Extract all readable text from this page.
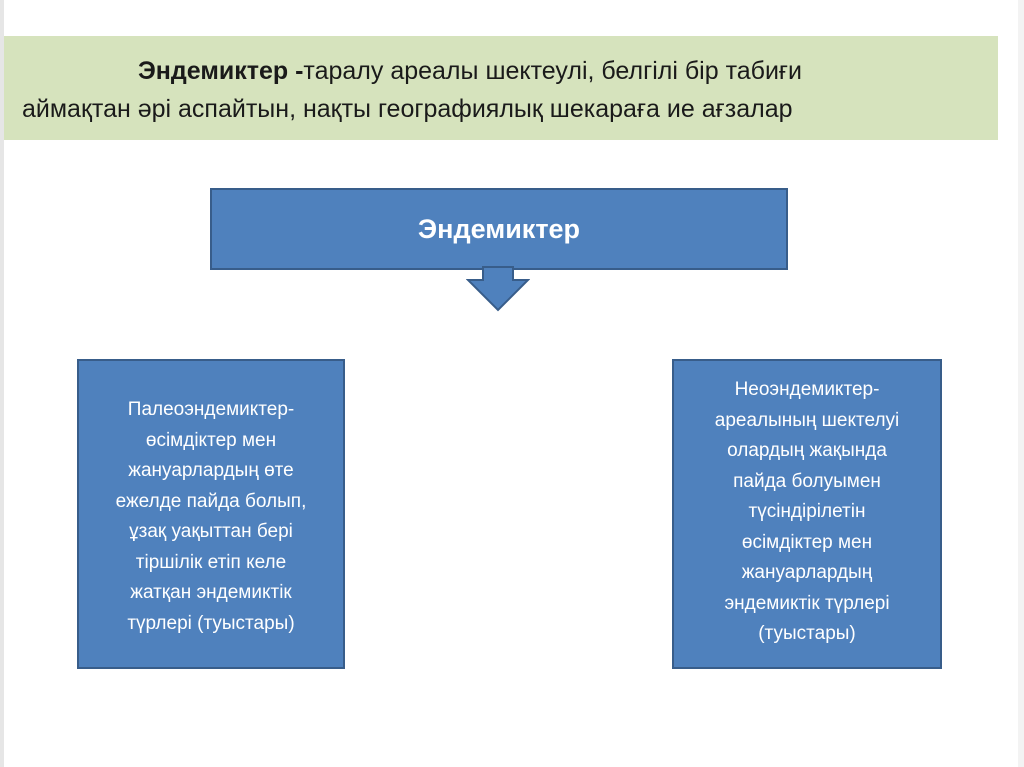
Эндемиктер -таралу ареалы шектеулі, белгілі бір табиғи
аймақтан әрі аспайтын, нақты географиялық шекараға ие ағзалар
Эндемиктер
Палеоэндемиктер-
өсімдіктер мен
жануарлардың өте
ежелде пайда болып,
ұзақ уақыттан бері
тіршілік етіп келе
жатқан эндемиктік
түрлері (туыстары)
Неоэндемиктер-
ареалының шектелуі
олардың жақында
пайда болуымен
түсіндірілетін
өсімдіктер мен
жануарлардың
эндемиктік түрлері
(туыстары)
